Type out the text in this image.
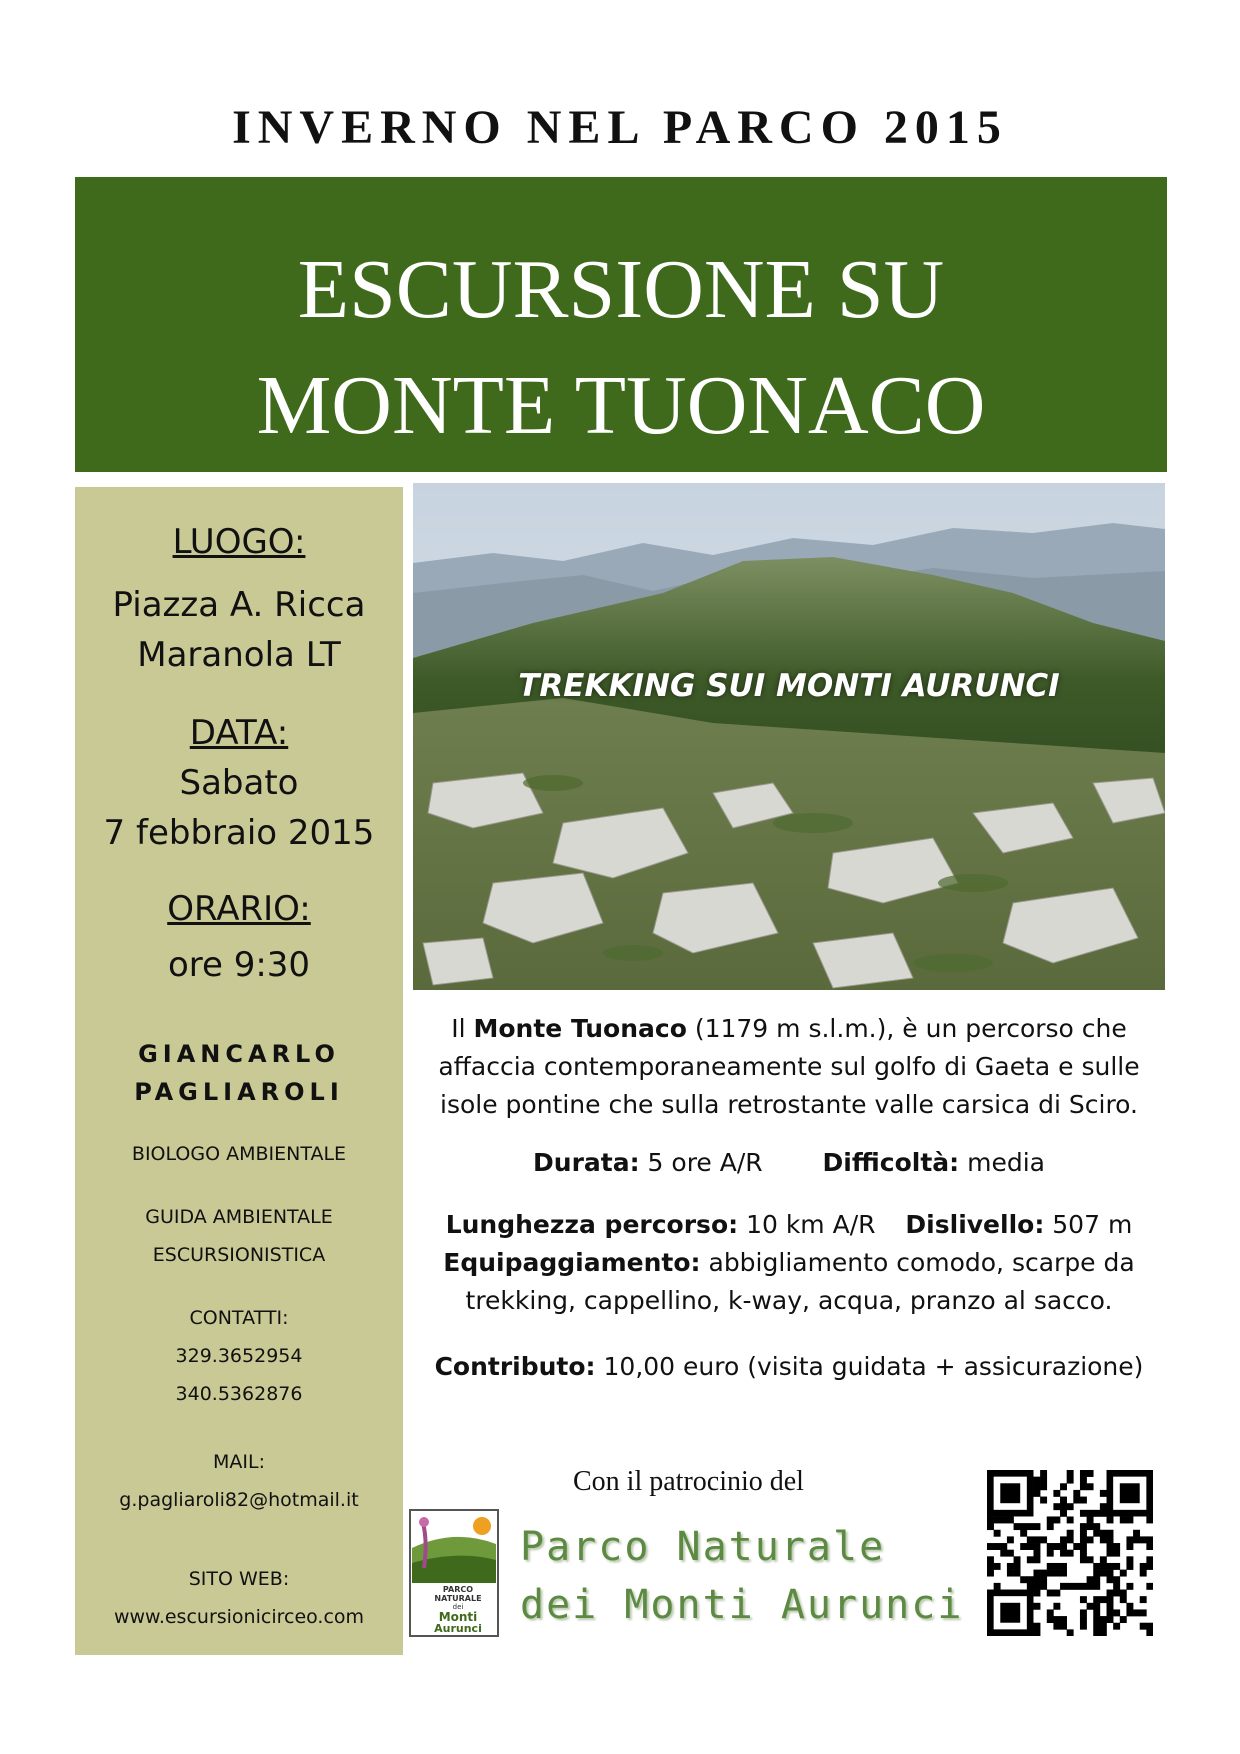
INVERNO NEL PARCO 2015
ESCURSIONE SU
MONTE TUONACO
LUOGO:
Piazza A. Ricca
Maranola LT
DATA:
Sabato
7 febbraio 2015
ORARIO:
ore 9:30
GIANCARLO
PAGLIAROLI
BIOLOGO AMBIENTALE
GUIDA AMBIENTALE
ESCURSIONISTICA
CONTATTI:
329.3652954
340.5362876
MAIL:
g.pagliaroli82@hotmail.it
SITO WEB:
www.escursionicirceo.com
TREKKING SUI MONTI AURUNCI
Il Monte Tuonaco (1179 m s.l.m.), è un percorso che
affaccia contemporaneamente sul golfo di Gaeta e sulle
isole pontine che sulla retrostante valle carsica di Sciro.
Durata: 5 ore A/R Difficoltà: media
Lunghezza percorso: 10 km A/R Dislivello: 507 m
Equipaggiamento: abbigliamento comodo, scarpe da
trekking, cappellino, k-way, acqua, pranzo al sacco.
Contributo: 10,00 euro (visita guidata + assicurazione)
Con il patrocinio del
PARCO
NATURALE
dei
Monti
Aurunci
Parco Naturale
dei Monti Aurunci
